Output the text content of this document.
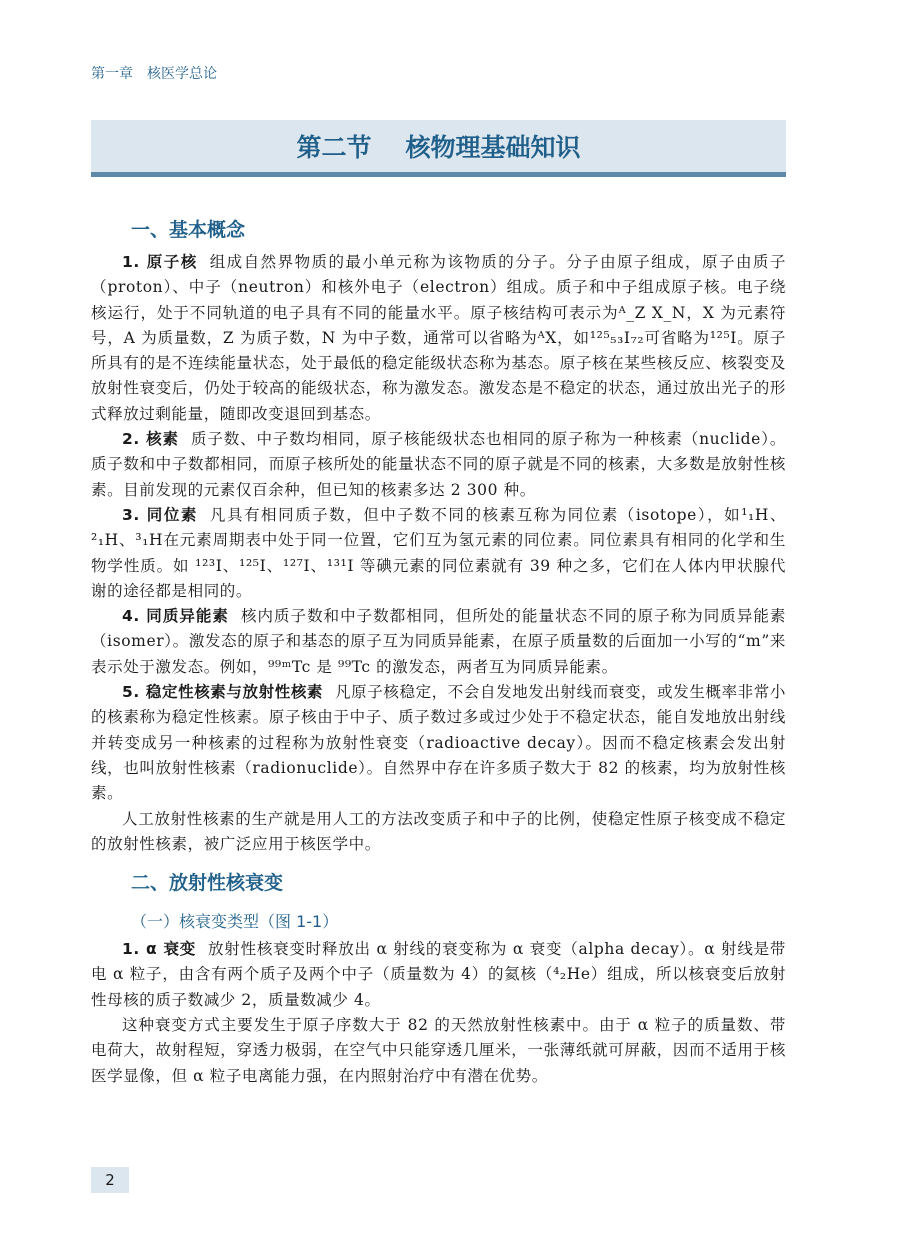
第一章 核医学总论
第二节 核物理基础知识
一、基本概念

1. 原子核 组成自然界物质的最小单元称为该物质的分子。分子由原子组成，原子由质子（proton）、中子（neutron）和核外电子（electron）组成。质子和中子组成原子核。电子绕核运行，处于不同轨道的电子具有不同的能量水平。原子核结构可表示为ᴬ_Z X_N，X 为元素符号，A 为质量数，Z 为质子数，N 为中子数，通常可以省略为ᴬX，如¹²⁵₅₃I₇₂可省略为¹²⁵I。原子所具有的是不连续能量状态，处于最低的稳定能级状态称为基态。原子核在某些核反应、核裂变及放射性衰变后，仍处于较高的能级状态，称为激发态。激发态是不稳定的状态，通过放出光子的形式释放过剩能量，随即改变退回到基态。

2. 核素 质子数、中子数均相同，原子核能级状态也相同的原子称为一种核素（nuclide）。质子数和中子数都相同，而原子核所处的能量状态不同的原子就是不同的核素，大多数是放射性核素。目前发现的元素仅百余种，但已知的核素多达 2 300 种。

3. 同位素 凡具有相同质子数，但中子数不同的核素互称为同位素（isotope），如¹₁H、²₁H、³₁H在元素周期表中处于同一位置，它们互为氢元素的同位素。同位素具有相同的化学和生物学性质。如 ¹²³I、¹²⁵I、¹²⁷I、¹³¹I 等碘元素的同位素就有 39 种之多，它们在人体内甲状腺代谢的途径都是相同的。

4. 同质异能素 核内质子数和中子数都相同，但所处的能量状态不同的原子称为同质异能素（isomer）。激发态的原子和基态的原子互为同质异能素，在原子质量数的后面加一小写的“m”来表示处于激发态。例如，⁹⁹ᵐTc 是 ⁹⁹Tc 的激发态，两者互为同质异能素。

5. 稳定性核素与放射性核素 凡原子核稳定，不会自发地发出射线而衰变，或发生概率非常小的核素称为稳定性核素。原子核由于中子、质子数过多或过少处于不稳定状态，能自发地放出射线并转变成另一种核素的过程称为放射性衰变（radioactive decay）。因而不稳定核素会发出射线，也叫放射性核素（radionuclide）。自然界中存在许多质子数大于 82 的核素，均为放射性核素。

人工放射性核素的生产就是用人工的方法改变质子和中子的比例，使稳定性原子核变成不稳定的放射性核素，被广泛应用于核医学中。

二、放射性核衰变
（一）核衰变类型（图 1-1）

1. α 衰变 放射性核衰变时释放出 α 射线的衰变称为 α 衰变（alpha decay）。α 射线是带电 α 粒子，由含有两个质子及两个中子（质量数为 4）的氦核（⁴₂He）组成，所以核衰变后放射性母核的质子数减少 2，质量数减少 4。

这种衰变方式主要发生于原子序数大于 82 的天然放射性核素中。由于 α 粒子的质量数、带电荷大，故射程短，穿透力极弱，在空气中只能穿透几厘米，一张薄纸就可屏蔽，因而不适用于核医学显像，但 α 粒子电离能力强，在内照射治疗中有潜在优势。

2
